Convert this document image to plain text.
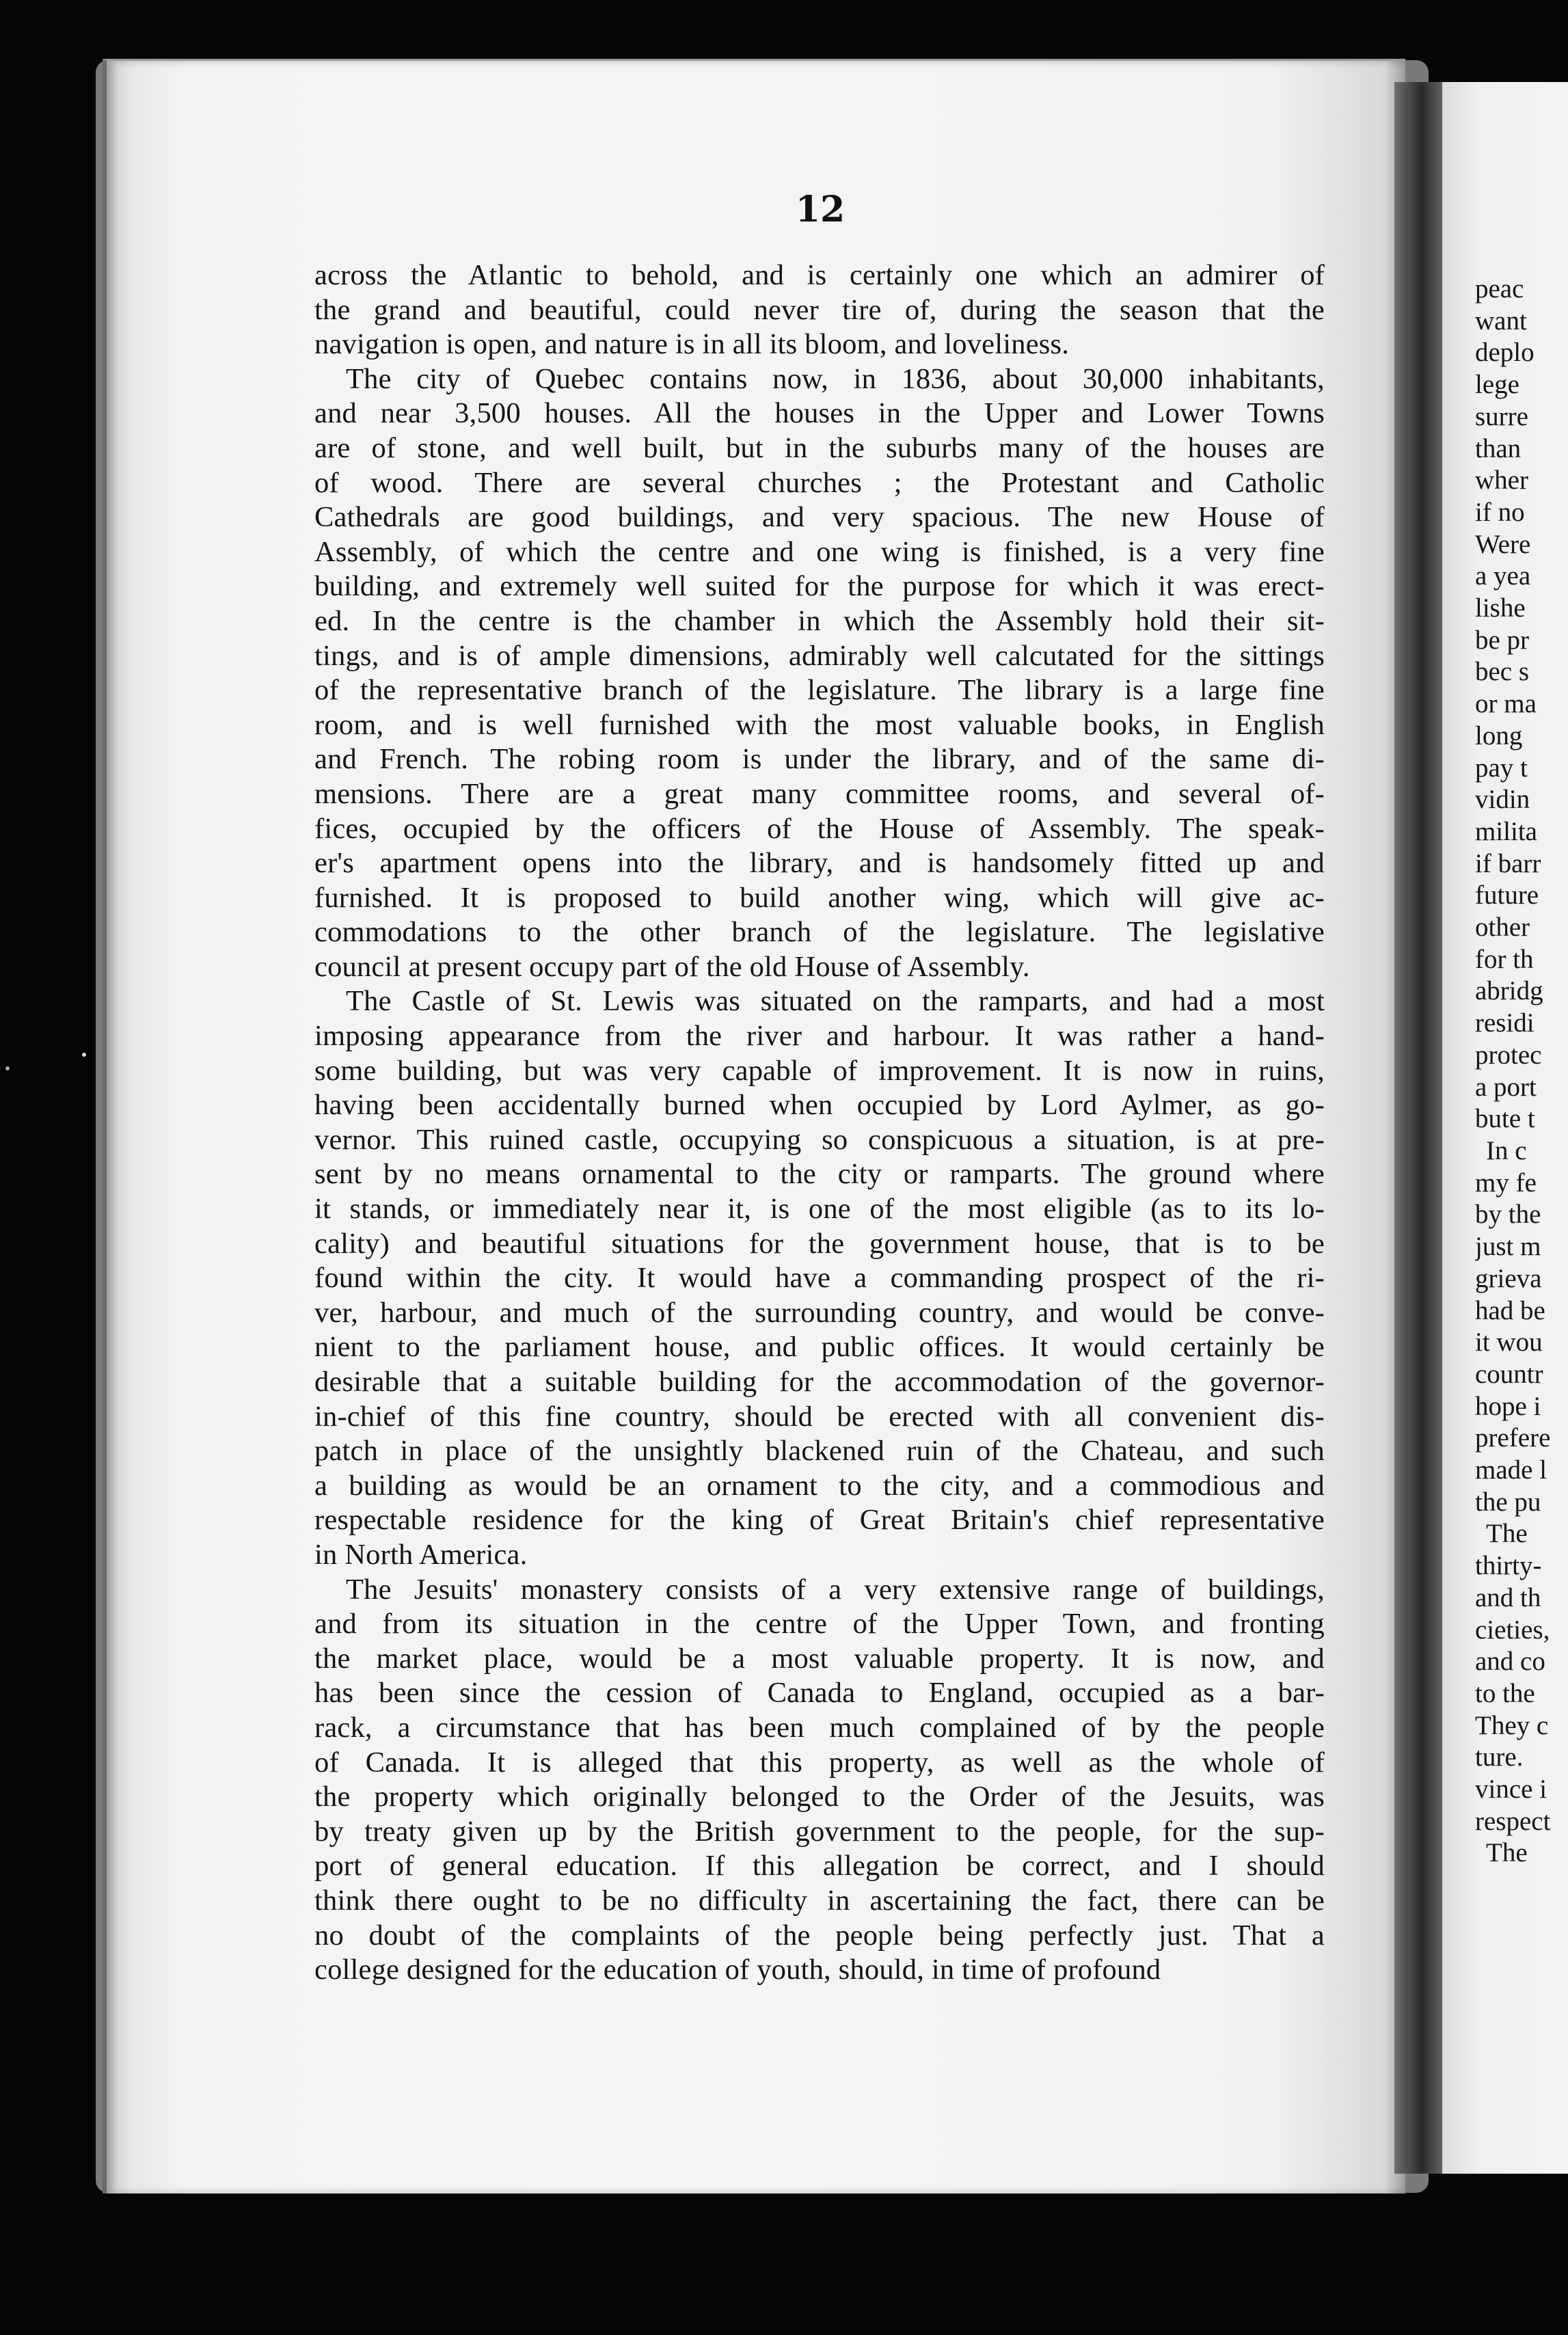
12
across the Atlantic to behold, and is certainly one which an admirer of
the grand and beautiful, could never tire of, during the season that the
navigation is open, and nature is in all its bloom, and loveliness.
The city of Quebec contains now, in 1836, about 30,000 inhabitants,
and near 3,500 houses. All the houses in the Upper and Lower Towns
are of stone, and well built, but in the suburbs many of the houses are
of wood. There are several churches ; the Protestant and Catholic
Cathedrals are good buildings, and very spacious. The new House of
Assembly, of which the centre and one wing is finished, is a very fine
building, and extremely well suited for the purpose for which it was erect-
ed. In the centre is the chamber in which the Assembly hold their sit-
tings, and is of ample dimensions, admirably well calcutated for the sittings
of the representative branch of the legislature. The library is a large fine
room, and is well furnished with the most valuable books, in English
and French. The robing room is under the library, and of the same di-
mensions. There are a great many committee rooms, and several of-
fices, occupied by the officers of the House of Assembly. The speak-
er's apartment opens into the library, and is handsomely fitted up and
furnished. It is proposed to build another wing, which will give ac-
commodations to the other branch of the legislature. The legislative
council at present occupy part of the old House of Assembly.
The Castle of St. Lewis was situated on the ramparts, and had a most
imposing appearance from the river and harbour. It was rather a hand-
some building, but was very capable of improvement. It is now in ruins,
having been accidentally burned when occupied by Lord Aylmer, as go-
vernor. This ruined castle, occupying so conspicuous a situation, is at pre-
sent by no means ornamental to the city or ramparts. The ground where
it stands, or immediately near it, is one of the most eligible (as to its lo-
cality) and beautiful situations for the government house, that is to be
found within the city. It would have a commanding prospect of the ri-
ver, harbour, and much of the surrounding country, and would be conve-
nient to the parliament house, and public offices. It would certainly be
desirable that a suitable building for the accommodation of the governor-
in-chief of this fine country, should be erected with all convenient dis-
patch in place of the unsightly blackened ruin of the Chateau, and such
a building as would be an ornament to the city, and a commodious and
respectable residence for the king of Great Britain's chief representative
in North America.
The Jesuits' monastery consists of a very extensive range of buildings,
and from its situation in the centre of the Upper Town, and fronting
the market place, would be a most valuable property. It is now, and
has been since the cession of Canada to England, occupied as a bar-
rack, a circumstance that has been much complained of by the people
of Canada. It is alleged that this property, as well as the whole of
the property which originally belonged to the Order of the Jesuits, was
by treaty given up by the British government to the people, for the sup-
port of general education. If this allegation be correct, and I should
think there ought to be no difficulty in ascertaining the fact, there can be
no doubt of the complaints of the people being perfectly just. That a
college designed for the education of youth, should, in time of profound
peac
want
deplo
lege
surre
than
wher
if no
Were
a yea
lishe
be pr
bec s
or ma
long
pay t
vidin
milita
if barr
future
other
for th
abridg
residi
protec
a port
bute t
In c
my fe
by the
just m
grieva
had be
it wou
countr
hope i
prefere
made l
the pu
The
thirty-
and th
cieties,
and co
to the
They c
ture.
vince i
respect
The
